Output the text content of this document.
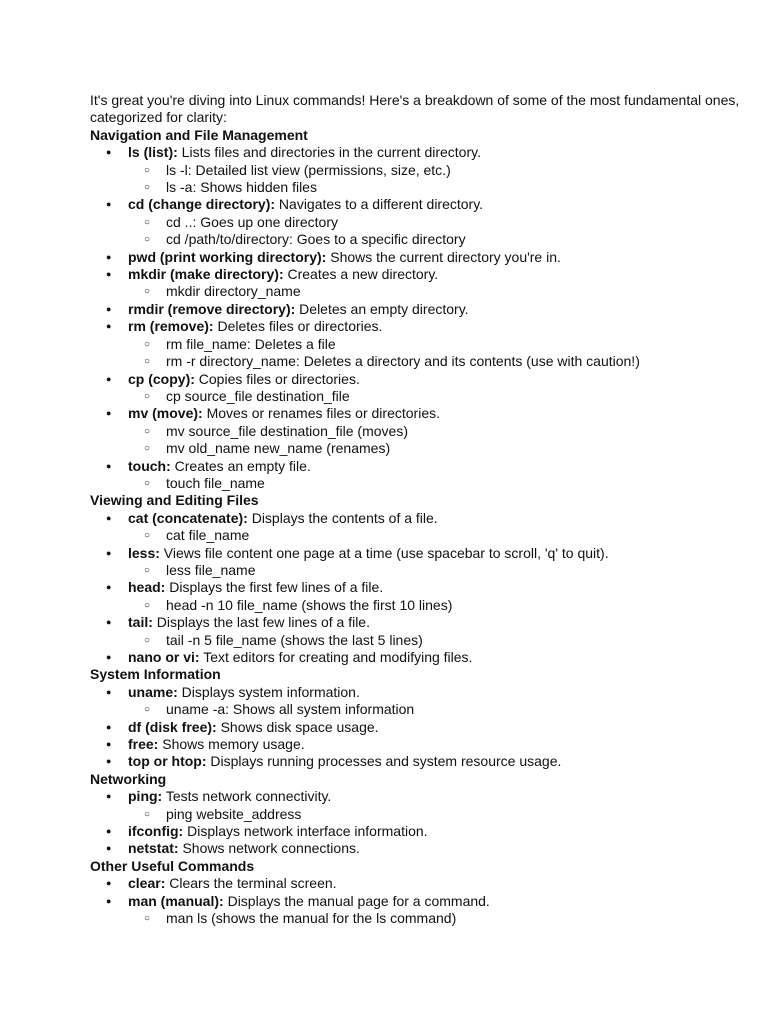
It's great you're diving into Linux commands! Here's a breakdown of some of the most fundamental ones, categorized for clarity:

Navigation and File Management
● ls (list): Lists files and directories in the current directory.
○ ls -l: Detailed list view (permissions, size, etc.)
○ ls -a: Shows hidden files
● cd (change directory): Navigates to a different directory.
○ cd ..: Goes up one directory
○ cd /path/to/directory: Goes to a specific directory
● pwd (print working directory): Shows the current directory you're in.
● mkdir (make directory): Creates a new directory.
○ mkdir directory_name
● rmdir (remove directory): Deletes an empty directory.
● rm (remove): Deletes files or directories.
○ rm file_name: Deletes a file
○ rm -r directory_name: Deletes a directory and its contents (use with caution!)
● cp (copy): Copies files or directories.
○ cp source_file destination_file
● mv (move): Moves or renames files or directories.
○ mv source_file destination_file (moves)
○ mv old_name new_name (renames)
● touch: Creates an empty file.
○ touch file_name
Viewing and Editing Files
● cat (concatenate): Displays the contents of a file.
○ cat file_name
● less: Views file content one page at a time (use spacebar to scroll, 'q' to quit).
○ less file_name
● head: Displays the first few lines of a file.
○ head -n 10 file_name (shows the first 10 lines)
● tail: Displays the last few lines of a file.
○ tail -n 5 file_name (shows the last 5 lines)
● nano or vi: Text editors for creating and modifying files.
System Information
● uname: Displays system information.
○ uname -a: Shows all system information
● df (disk free): Shows disk space usage.
● free: Shows memory usage.
● top or htop: Displays running processes and system resource usage.
Networking
● ping: Tests network connectivity.
○ ping website_address
● ifconfig: Displays network interface information.
● netstat: Shows network connections.
Other Useful Commands
● clear: Clears the terminal screen.
● man (manual): Displays the manual page for a command.
○ man ls (shows the manual for the ls command)
